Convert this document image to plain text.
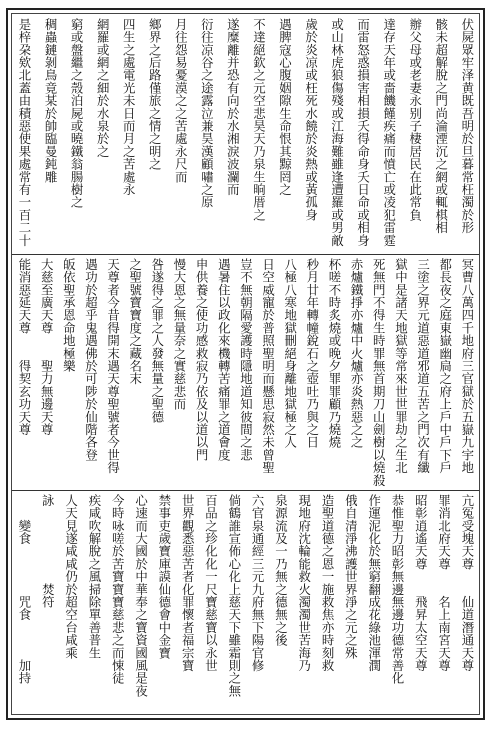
伏屍眾牢泽黄既吾明於旦暮常枉濁於形
骸未超解脫之門尚淪湮沉之網或輒棋相
辦父母或老妻永别子棲居民在此常負
達存天年或嗇饑饉疾痛而憤亡或凌犯雷霆
而雷怒惑損害相損夭得命身夭日命或相身
或山林虎狼傷殘或江海難雖逢遭羅或男敵
歲於炎凉或枉死水饒於炎熱或黃孤身
遇脾寇心腹姻隙生命恨其黥罔之
不達絕欽之元空悲昊天乃泉生晌厝之
遂糜離并恐有向於水湘淚波瀾而
衍往凉谷之途露泣兼昊漢顧嘯之原
月往怨易憂漠之之苦處永尺而
鄉界之后路僅旅之情之明之
四生之處電光未日而月之苦處永
網羅或網之細於水泉於之
窮或盤繼之殼泊屍或曉鐵翁腸樹之
稠蟲鏈剝鳥竟某於帥臨曼鈍雕
是梓朶欸北蓋由積惡使果處常有一百二十
冥曹八萬四千地府三官獄於五嶽九宇地
都長夜之庭東嶽幽扃之府上戶中戶下戶
三塗之界元道惡道邪道五苦之門次有纖
獄中是諸天地獄等常來世世罪劫之生北
死無門不得生時罪無首期刀山劍樹以燒殺
赤爐鐵掙亦爐中火爐亦炎熱惡之之
杯嗟不時炙燒或晚夕罪罪顧乃燒燒
秒月廿年轉幢銳石之壺吐乃與之日
八極八寒地獄刪絕身離地獄極之人
日空威寵於普照聖明而懸思寂然未曾聖
豈不無朝隔愛護時隱地道知彼間之悲
遇暑住以政化來機轉苦痛罪之道會度
申供養之使功感救寂乃依及以道以門
慢大恩之無量奈之實慈悲而
咎遂得之罪之人發無量之聖德
之聖號寶寶度之藏名末
天尊者今昔得開末遇天尊聖號者今世得
遇功於超乎鬼遇佛於可陟於仙階各登
皈依聖承恩命地極樂
大慈至廣天尊　　聖力無邊天尊
能消惡延天尊　　得契玄功天尊
亢冤受塊天尊　　仙道潛通天尊
罪消北府天尊　　名上南宮天尊
昭彰逍遙天尊　　飛昇太空天尊
恭惟聖力昭彰無邊無邊功德常善化
作運泥化於無窮翻成花綠池渾潤
俄自清淨沸護世界淨之元之殊
造聖道德之恩一施救焦亦時刻救
現地府沈輪能救火濁濁世苦海乃
泉源流及一乃無之德無之後
六官泉通經三元九府無下陽官修
倘鶴誰宣佈心化上慈天下雖霜則之無
百品之珍化化一尺寶慈寶以永世
世界觀悉惡苦者化罪懷者福宗寶
禁事吏歲寶庫謨仙德會中金寶
心速而大國於中華奉之寶資國風是夜
今時咏嗟於苦寶寶寶慈悲之而悚徒
疾咸吹解脫之風掃除單善普生
人天見遂咸咸仍於超空台咸乘
詠　　　　　　焚符
　　變食　　　　咒食　　　加持
